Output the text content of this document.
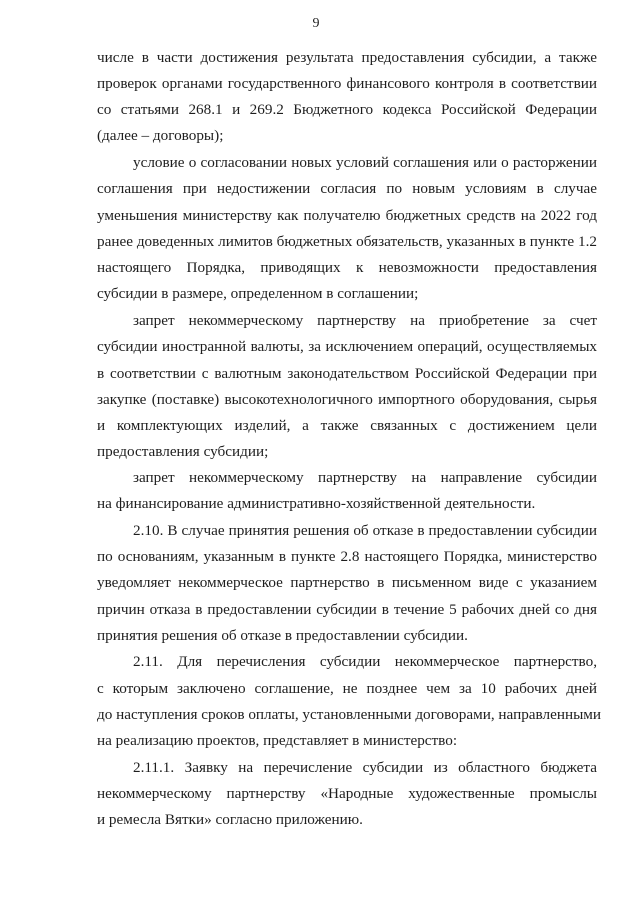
9
числе в части достижения результата предоставления субсидии, а также
проверок органами государственного финансового контроля в соответствии
со статьями 268.1 и 269.2 Бюджетного кодекса Российской Федерации
(далее – договоры);
условие о согласовании новых условий соглашения или о расторжении
соглашения при недостижении согласия по новым условиям в случае
уменьшения министерству как получателю бюджетных средств на 2022 год
ранее доведенных лимитов бюджетных обязательств, указанных в пункте 1.2
настоящего Порядка, приводящих к невозможности предоставления
субсидии в размере, определенном в соглашении;
запрет некоммерческому партнерству на приобретение за счет
субсидии иностранной валюты, за исключением операций, осуществляемых
в соответствии с валютным законодательством Российской Федерации при
закупке (поставке) высокотехнологичного импортного оборудования, сырья
и комплектующих изделий, а также связанных с достижением цели
предоставления субсидии;
запрет некоммерческому партнерству на направление субсидии
на финансирование административно-хозяйственной деятельности.
2.10. В случае принятия решения об отказе в предоставлении субсидии
по основаниям, указанным в пункте 2.8 настоящего Порядка, министерство
уведомляет некоммерческое партнерство в письменном виде с указанием
причин отказа в предоставлении субсидии в течение 5 рабочих дней со дня
принятия решения об отказе в предоставлении субсидии.
2.11. Для перечисления субсидии некоммерческое партнерство,
с которым заключено соглашение, не позднее чем за 10 рабочих дней
до наступления сроков оплаты, установленными договорами, направленными
на реализацию проектов, представляет в министерство:
2.11.1. Заявку на перечисление субсидии из областного бюджета
некоммерческому партнерству «Народные художественные промыслы
и ремесла Вятки» согласно приложению.
